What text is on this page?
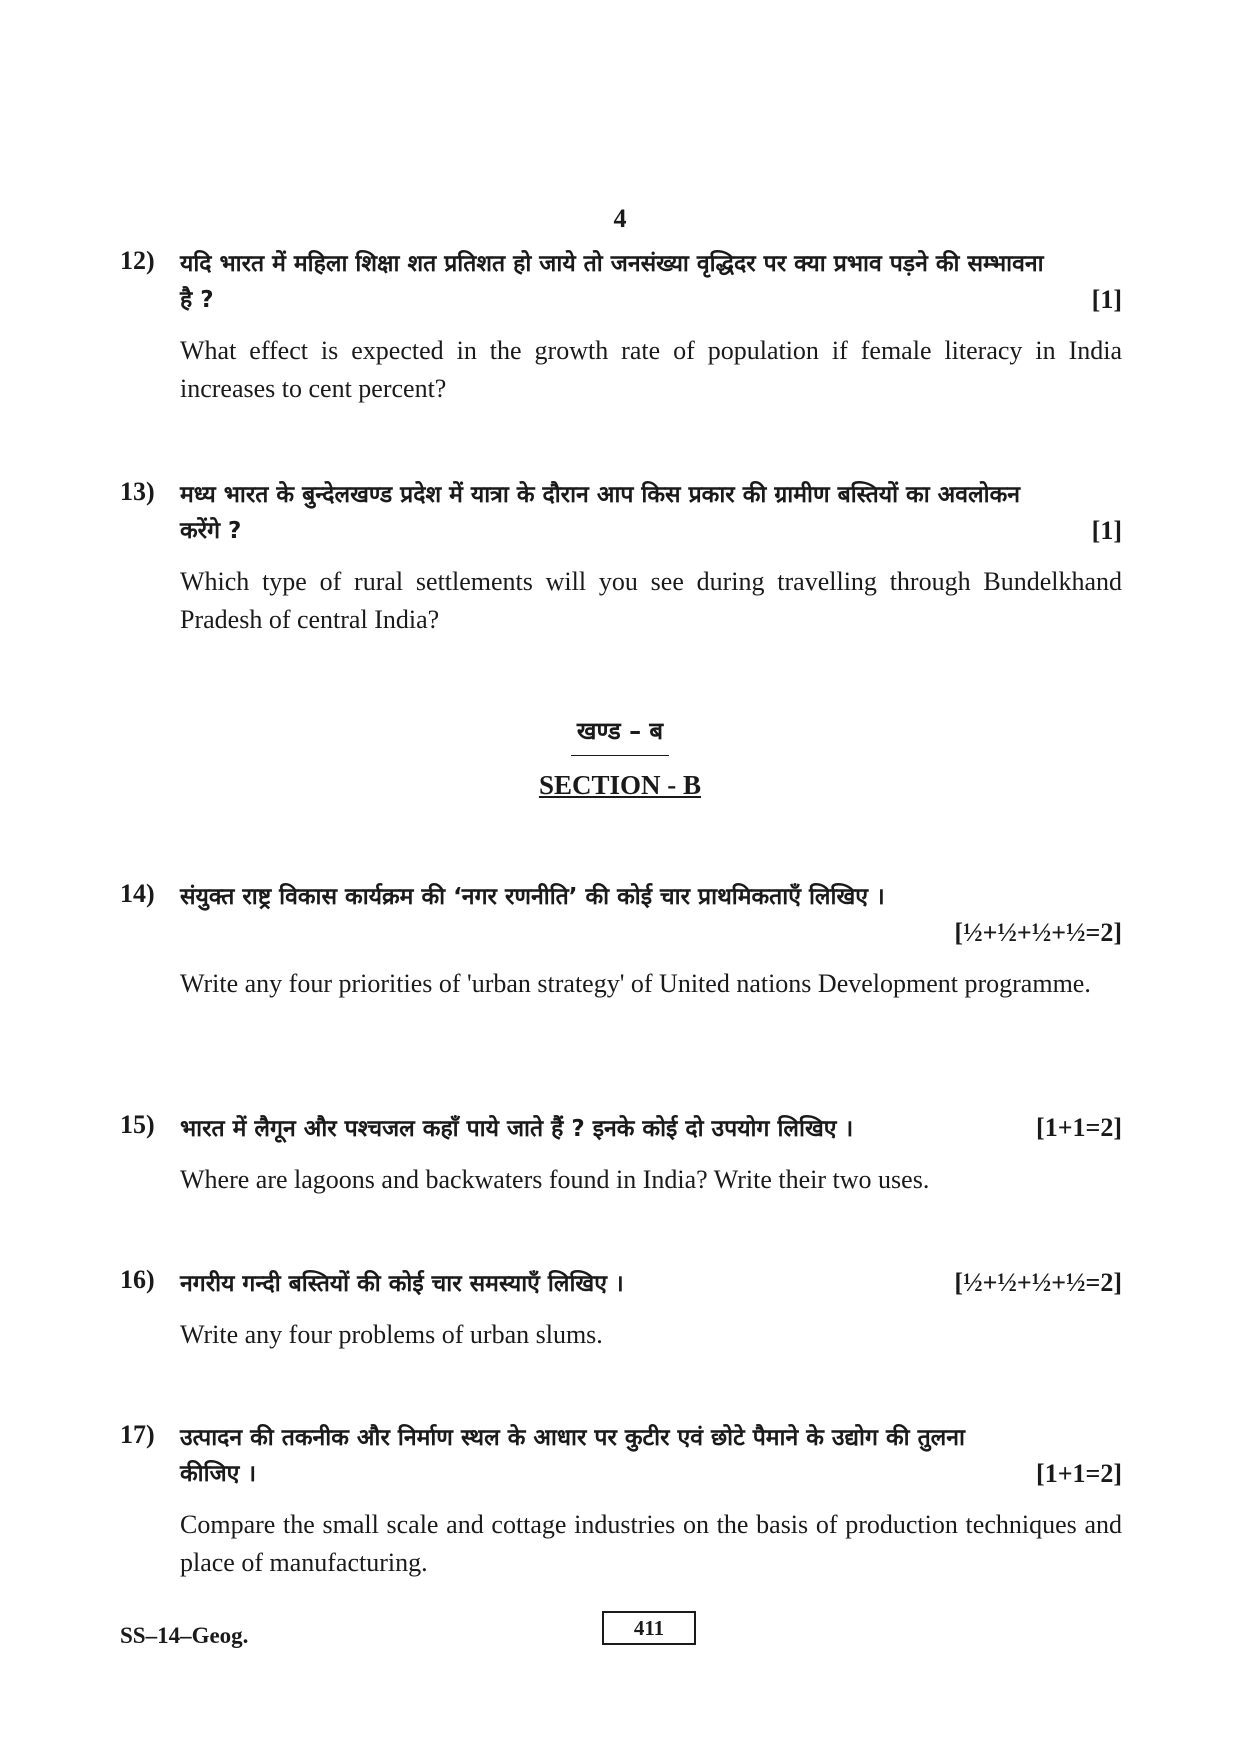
4
12) यदि भारत में महिला शिक्षा शत प्रतिशत हो जाये तो जनसंख्या वृद्धिदर पर क्या प्रभाव पड़ने की सम्भावना
है ?	[1]
What effect is expected in the growth rate of population if female literacy in India increases to cent percent?
13) मध्य भारत के बुन्देलखण्ड प्रदेश में यात्रा के दौरान आप किस प्रकार की ग्रामीण बस्तियों का अवलोकन
करेंगे ?	[1]
Which type of rural settlements will you see during travelling through Bundelkhand Pradesh of central India?
खण्ड – ब
SECTION - B
14) संयुक्त राष्ट्र विकास कार्यक्रम की ‘नगर रणनीति’ की कोई चार प्राथमिकताएँ लिखिए ।
[½+½+½+½=2]
Write any four priorities of 'urban strategy' of United nations Development programme.
15) भारत में लैगून और पश्चजल कहाँ पाये जाते हैं ? इनके कोई दो उपयोग लिखिए ।	[1+1=2]
Where are lagoons and backwaters found in India? Write their two uses.
16) नगरीय गन्दी बस्तियों की कोई चार समस्याएँ लिखिए ।	[½+½+½+½=2]
Write any four problems of urban slums.
17) उत्पादन की तकनीक और निर्माण स्थल के आधार पर कुटीर एवं छोटे पैमाने के उद्योग की तुलना
कीजिए ।	[1+1=2]
Compare the small scale and cottage industries on the basis of production techniques and place of manufacturing.
SS–14–Geog.	411
